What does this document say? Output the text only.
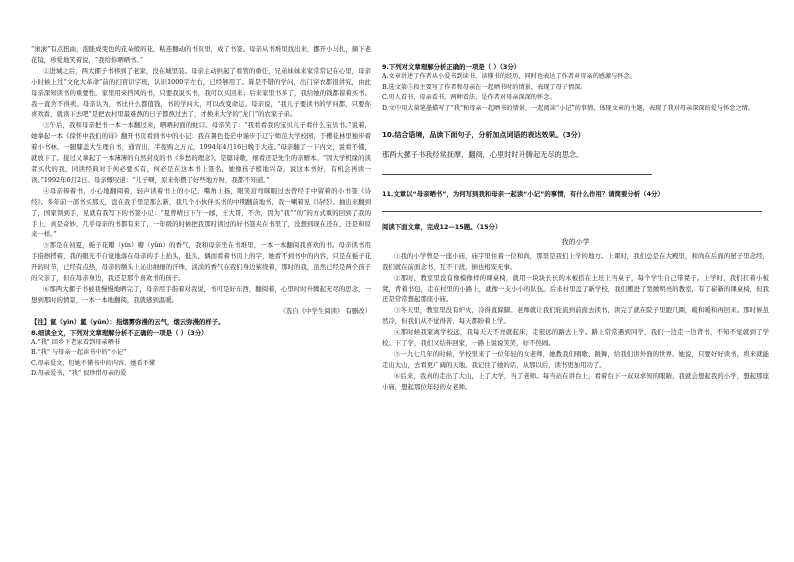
“滚滚”有点扭曲，泡胀成变色的花朵般的花，粘连翻动的书页里，成了书签。母亲从书堆里找出来，挪开小马扎，摘下老花镜，珍爱地笑着说，“我给你晒晒书。”

②进城之后，两大摞子书移到了老家，没在城里装。母亲主动担起了看管的重任，兄弟妹妹来家常常记在心里，母亲小时候上过“文化大革命”前的扫盲识字班，认识1000字左右，已经够用了。算是不错的学问，出门穿衣都很讲究，由此母亲深知读书的重要性。家里用来挡风的书，只要我说买书，我可以买回来；后来家里书多了，我给她的钱都留着买书。我一直舍不得卖。母亲认为，书比什么都值钱，书的学问大，可以改变命运。母亲说，“我儿子要读书的学问都，只要你喜欢看，就读下去吧”是把农村里最难熬的日子都熬过去了，才换来大学的“龙门”的农家子弟。

③午后，我和母亲把书一本一本翻过来，晒晒封面的蛀口。母亲笑了：“我看看我的宝贝儿子看什么宝贝书。”说着，她拿起一本《徐怀中我们的诗》翻开书页看到书中的小记：我在暑色苍茫中谨步于辽宁师范大学校园，于樱花林里独步着着小书林，一腿膝盖大生理自书，通宵出，半夜购之万元，1994年4月16日晚于大连。”母亲翻了一下内文，说看不懂，就放下了。接过又拿起了一本薄薄的自然封皮的书《乡愁的理念》。是篇诗歌，细看还是先生的亲赠本。“因大学机缘的读者买代的我，同读经典对于何必要买有，何必是在这本书上签名，她像孩子般地兴奋，说这本书好，有机会再读一读。”1992年6月2日。母亲慨叹道：“儿子啊，原来你攒了好些地方呀，我都不知道。”

④母亲捧着书，小心地翻阅着，轻声读着书上的小记，嘴角上扬，眼笑眉弯眯眼过去曾经手中留着的小书签《诗经》。多年前一部书买那天，盘在我手里是那么新，我几个小伙伴买书的中期翻前地书，我一喇着见《诗经》。抽出来翻到了，国家领到手，见就有我写下的书签小记：“夏曾晴日下午一邮，王大哥，不舍，因为“我”“的”的方式重的回到了我的手上，真是奇妙，几乎母亲的书都有来了，一年级的时候把我那时读过的好书签夹在书里了，没想到现在还在，还是和原来一样。”

⑤那是在初夏，梔子花瓣（yín）瓣（yǔn）的香气，我和母亲坐在书堆里，一本一本翻阅我喜欢的书。母亲读书用手指擦捋着，我的眼光不自觉地落在母亲的手上抬头，低头，偶而看着书页上的字，她看不到书中的内容，只是在梔子花开的时节，已经有点热，母亲的额头上沁出细细的汗珠，淡淡的香气在我们身边萦绕着，那时的我，虽然已经是两个孩子的父亲了，但在母亲身边，我还是那个喜欢书的孩子。

⑥那两大摞子书被我慢慢地晒完了，母亲用手指着对我说，书可是好东西，翻阅着，心里时时升腾起无尽的思念，一想到那时的情景，一本一本地翻阅，我就感到温暖。

（选自《中学生阅读》 有删改）

【注】氤（yīn）氲（yūn）：指烟雾弥漫的云气，烟云弥漫的样子。

8.细读全文，下列对文章理解分析不正确的一项是（ ）（3分）

A.“我” 回乡下老家看到母亲晒书

B.“我” 与母亲一起读书中的“小记”

C.母亲爱文，但她不懂书中的内容，她看不懂

D.母亲爱书，“我” 很珍惜母亲的爱

9.下列对文章理解分析正确的一项是（ ）（3分）

A.文章讲述了作者从小爱书到读书、读懂书的经历，同时也表达了作者对母亲的感激与怀念。

B.选文第⑤段主要写了作者和母亲在一起晒书时的情景，表现了母子情深。

C.男人看书，母亲看书，两种看法，是作者对母亲深深的怀念。

D.文中用大量笔墨描写了“我”和母亲一起晒书的情景，一起阅读“小记”的事情，体现文章的主题，表现了我对母亲深深的爱与怀念之情。

10.结合语境，品读下面句子，分析加点词语的表达效果。（3分）

那两大摞子书我经常抚摩、翻阅，心里时时升腾起无尽的思念。

11.文章以“母亲晒书”，为何写到我和母亲一起读“小记”的事情，有什么作用？请简要分析（4分）

阅读下面文章，完成12—15题。（15分）

我的小学

①我的小学曾是一座小庙，庙宇里住着一位和尚，那里是我们上学的地方。上课时，我们总是在大殿里，和尚在后面的屋子里念经，我们就在前面念书，互不干扰，倒也相安无事。

②那时，教室里没有像模像样的课桌椅，就用一块块长长的木板搭在土坯上当桌子，每个学生自己带凳子。上学时，我们扛着小板凳，背着书包，走在村里的小路上，就像一支小小的队伍。后来村里盖了新学校，我们搬进了宽敞明亮的教室，有了崭新的课桌椅，但我还是常常想起那座小庙。

③冬天里，教室里没有炉火，冷得直跺脚。老师就让我们轮流到前面去读书，读完了就在院子里跑几圈，暖和暖和再回来。那时候虽然冷，但我们从不觉得苦，每天都盼着上学。

④那时候我家离学校远，我每天天不亮就起床，走很远的路去上学。路上常常遇到同学，我们一边走一边背书，不知不觉就到了学校。下了学，我们又结伴回家，一路上说说笑笑，好不热闹。

⑤一九七几年的时候，学校里来了一位年轻的女老师，她教我们唱歌、跳舞，给我们讲外面的世界。她说，只要好好读书，将来就能走出大山，去看更广阔的天地。我记住了她的话，从那以后，读书更加用功了。

⑥后来，我真的走出了大山，上了大学，当了老师。每当站在讲台上，看着台下一双双求知的眼睛，我就会想起我的小学，想起那座小庙，想起那位年轻的女老师。
